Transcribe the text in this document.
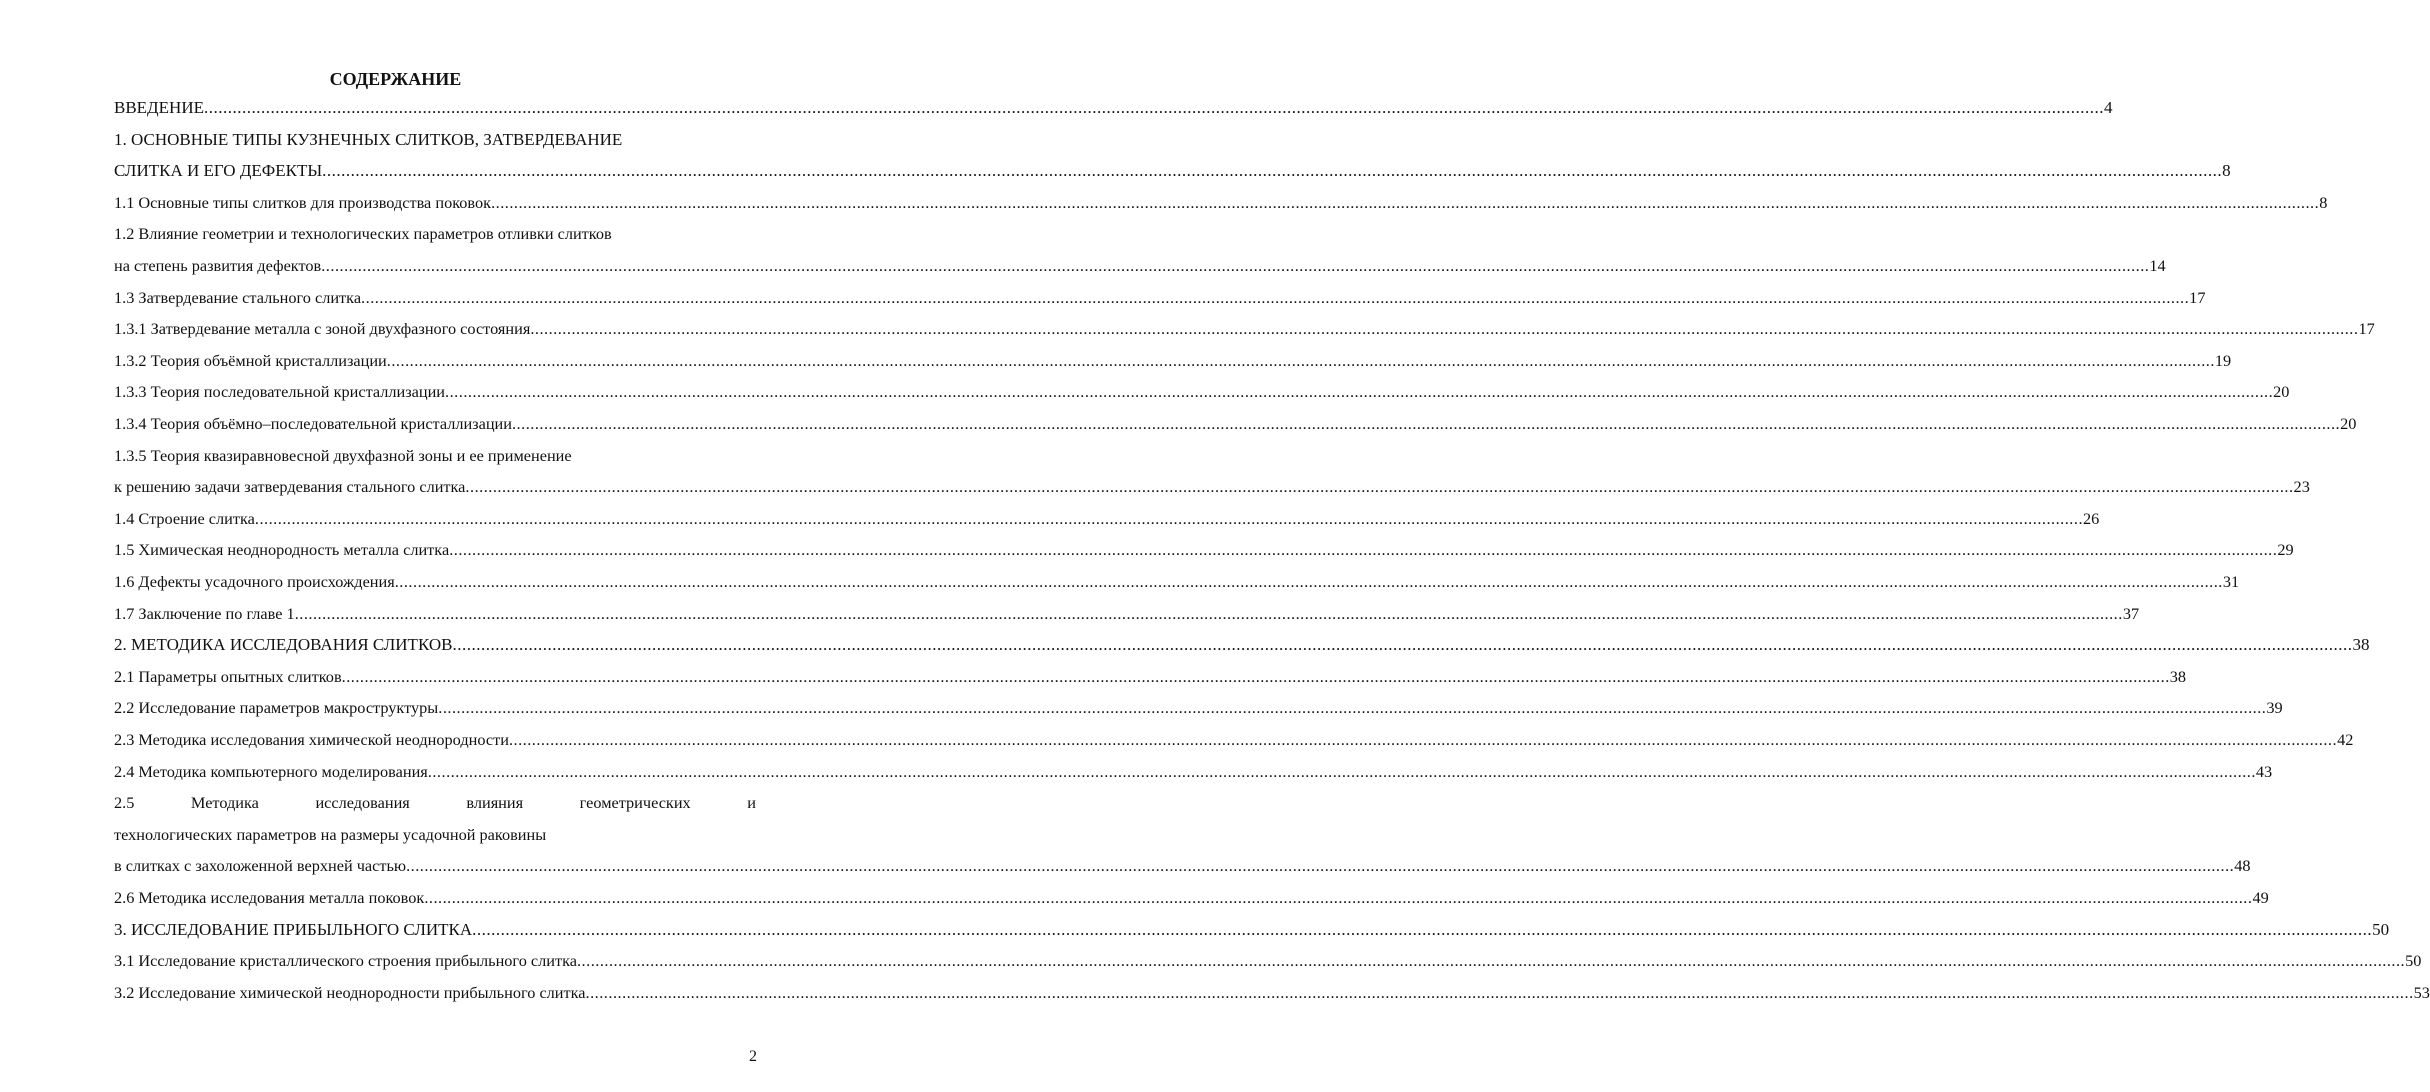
СОДЕРЖАНИЕ
ВВЕДЕНИЕ ................................................................................................................................................................................................................................................................................................................................................................................................................ 4
1. ОСНОВНЫЕ ТИПЫ КУЗНЕЧНЫХ СЛИТКОВ, ЗАТВЕРДЕВАНИЕ
СЛИТКА И ЕГО ДЕФЕКТЫ ................................................................................................................................................................................................................................................................................................................................................................................................................ 8
1.1 Основные типы слитков для производства поковок ................................................................................................................................................................................................................................................................................................................................................................................................................ 8
1.2 Влияние геометрии и технологических параметров отливки слитков
на степень развития дефектов ................................................................................................................................................................................................................................................................................................................................................................................................................ 14
1.3 Затвердевание стального слитка ................................................................................................................................................................................................................................................................................................................................................................................................................ 17
1.3.1 Затвердевание металла с зоной двухфазного состояния ................................................................................................................................................................................................................................................................................................................................................................................................................ 17
1.3.2 Теория объёмной кристаллизации ................................................................................................................................................................................................................................................................................................................................................................................................................ 19
1.3.3 Теория последовательной кристаллизации ................................................................................................................................................................................................................................................................................................................................................................................................................ 20
1.3.4 Теория объёмно–последовательной кристаллизации ................................................................................................................................................................................................................................................................................................................................................................................................................ 20
1.3.5 Теория квазиравновесной двухфазной зоны и ее применение
к решению задачи затвердевания стального слитка ................................................................................................................................................................................................................................................................................................................................................................................................................ 23
1.4 Строение слитка ................................................................................................................................................................................................................................................................................................................................................................................................................ 26
1.5 Химическая неоднородность металла слитка ................................................................................................................................................................................................................................................................................................................................................................................................................ 29
1.6 Дефекты усадочного происхождения ................................................................................................................................................................................................................................................................................................................................................................................................................ 31
1.7 Заключение по главе 1 ................................................................................................................................................................................................................................................................................................................................................................................................................ 37
2. МЕТОДИКА ИССЛЕДОВАНИЯ СЛИТКОВ ................................................................................................................................................................................................................................................................................................................................................................................................................ 38
2.1 Параметры опытных слитков ................................................................................................................................................................................................................................................................................................................................................................................................................ 38
2.2 Исследование параметров макроструктуры ................................................................................................................................................................................................................................................................................................................................................................................................................ 39
2.3 Методика исследования химической неоднородности ................................................................................................................................................................................................................................................................................................................................................................................................................ 42
2.4 Методика компьютерного моделирования ................................................................................................................................................................................................................................................................................................................................................................................................................ 43
2.5 Методика исследования влияния геометрических и
технологических параметров на размеры усадочной раковины
в слитках с захоложенной верхней частью ................................................................................................................................................................................................................................................................................................................................................................................................................ 48
2.6 Методика исследования металла поковок ................................................................................................................................................................................................................................................................................................................................................................................................................ 49
3. ИССЛЕДОВАНИЕ ПРИБЫЛЬНОГО СЛИТКА ................................................................................................................................................................................................................................................................................................................................................................................................................ 50
3.1 Исследование кристаллического строения прибыльного слитка ................................................................................................................................................................................................................................................................................................................................................................................................................ 50
3.2 Исследование химической неоднородности прибыльного слитка ................................................................................................................................................................................................................................................................................................................................................................................................................ 53
2
